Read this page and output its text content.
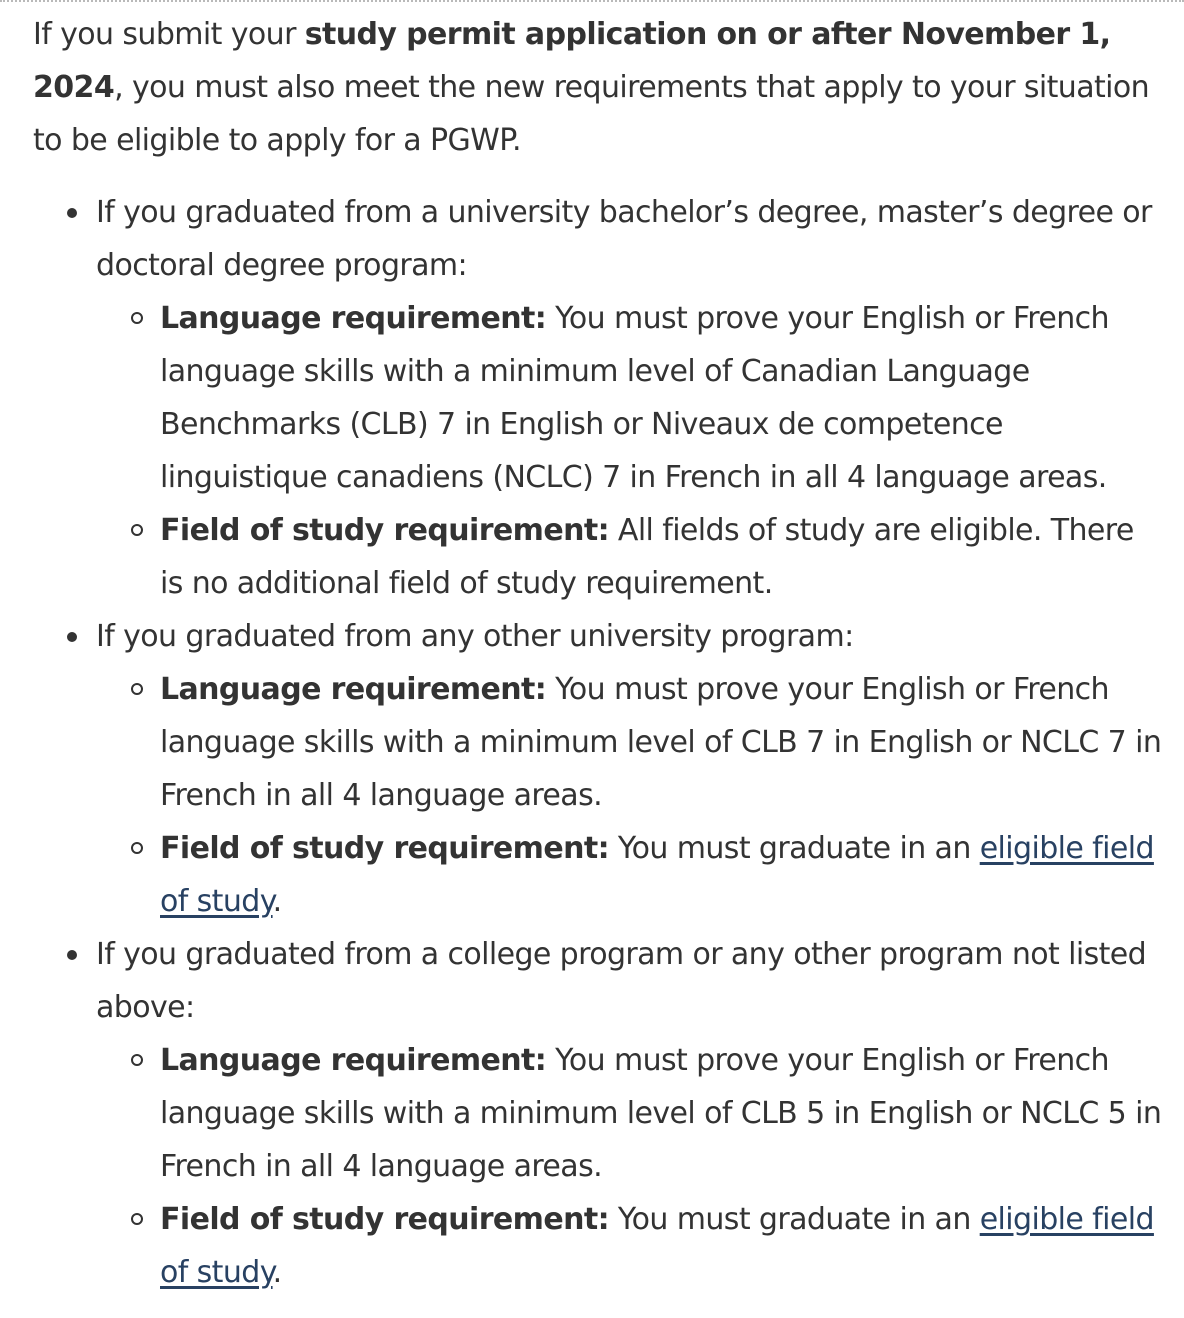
If you submit your study permit application on or after November 1, 2024, you must also meet the new requirements that apply to your situation to be eligible to apply for a PGWP.

If you graduated from a university bachelor’s degree, master’s degree or doctoral degree program:
Language requirement: You must prove your English or French language skills with a minimum level of Canadian Language Benchmarks (CLB) 7 in English or Niveaux de competence linguistique canadiens (NCLC) 7 in French in all 4 language areas.
Field of study requirement: All fields of study are eligible. There is no additional field of study requirement.
If you graduated from any other university program:
Language requirement: You must prove your English or French language skills with a minimum level of CLB 7 in English or NCLC 7 in French in all 4 language areas.
Field of study requirement: You must graduate in an eligible field of study.
If you graduated from a college program or any other program not listed above:
Language requirement: You must prove your English or French language skills with a minimum level of CLB 5 in English or NCLC 5 in French in all 4 language areas.
Field of study requirement: You must graduate in an eligible field of study.
